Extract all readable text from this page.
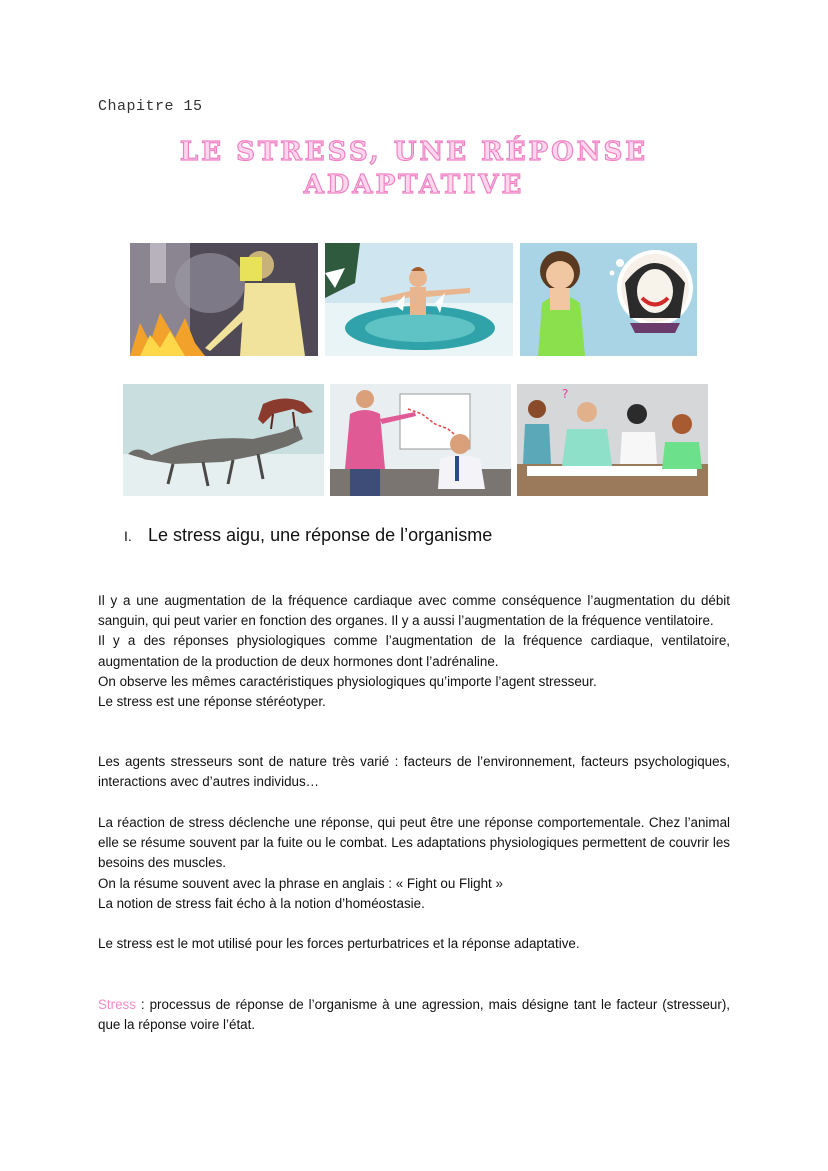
Chapitre 15
LE STRESS, UNE RÉPONSE
ADAPTATIVE
?
I. Le stress aigu, une réponse de l’organisme

Il y a une augmentation de la fréquence cardiaque avec comme conséquence l’augmentation du débit sanguin, qui peut varier en fonction des organes. Il y a aussi l’augmentation de la fréquence ventilatoire.

Il y a des réponses physiologiques comme l’augmentation de la fréquence cardiaque, ventilatoire, augmentation de la production de deux hormones dont l’adrénaline.

On observe les mêmes caractéristiques physiologiques qu’importe l’agent stresseur.

Le stress est une réponse stéréotyper.

Les agents stresseurs sont de nature très varié : facteurs de l’environnement, facteurs psychologiques, interactions avec d’autres individus…

La réaction de stress déclenche une réponse, qui peut être une réponse comportementale. Chez l’animal elle se résume souvent par la fuite ou le combat. Les adaptations physiologiques permettent de couvrir les besoins des muscles.

On la résume souvent avec la phrase en anglais : « Fight ou Flight »

La notion de stress fait écho à la notion d’homéostasie.

Le stress est le mot utilisé pour les forces perturbatrices et la réponse adaptative.

Stress : processus de réponse de l’organisme à une agression, mais désigne tant le facteur (stresseur), que la réponse voire l’état.
